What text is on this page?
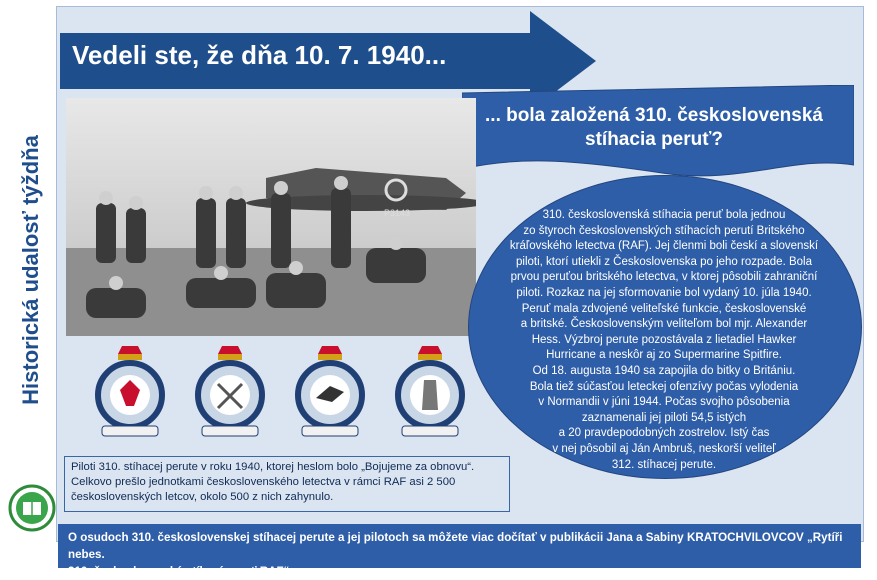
Historická udalosť týždňa
Vedeli ste, že dňa 10. 7. 1940...
... bola založená 310. československá
stíhacia peruť?
P3143	310. československá stíhacia peruť bola jednou
zo štyroch československých stíhacích perutí Britského
kráľovského letectva (RAF). Jej členmi boli českí a slovenskí
piloti, ktorí utiekli z Československa po jeho rozpade. Bola
prvou peruťou britského letectva, v ktorej pôsobili zahraniční
piloti. Rozkaz na jej sformovanie bol vydaný 10. júla 1940.
Peruť mala zdvojené veliteľské funkcie, československé
a britské. Československým veliteľom bol mjr. Alexander
Hess. Výzbroj perute pozostávala z lietadiel Hawker
Hurricane a neskôr aj zo Supermarine Spitfire.
Od 18. augusta 1940 sa zapojila do bitky o Britániu.
Bola tiež súčasťou leteckej ofenzívy počas vylodenia
v Normandii v júni 1944. Počas svojho pôsobenia
zaznamenali jej piloti 54,5 istých
a 20 pravdepodobných zostrelov. Istý čas
v nej pôsobil aj Ján Ambruš, neskorší veliteľ
312. stíhacej perute.
Piloti 310. stíhacej perute v roku 1940, ktorej heslom bolo „Bojujeme za obnovu“. Celkovo prešlo jednotkami československého letectva v rámci RAF asi 2 500 československých letcov, okolo 500 z nich zahynulo.
O osudoch 310. československej stíhacej perute a jej pilotoch sa môžete viac dočítať v publikácii Jana a Sabiny KRATOCHVILOVCOV „Rytíři nebes.
310. československá stíhací peruť RAF“.
